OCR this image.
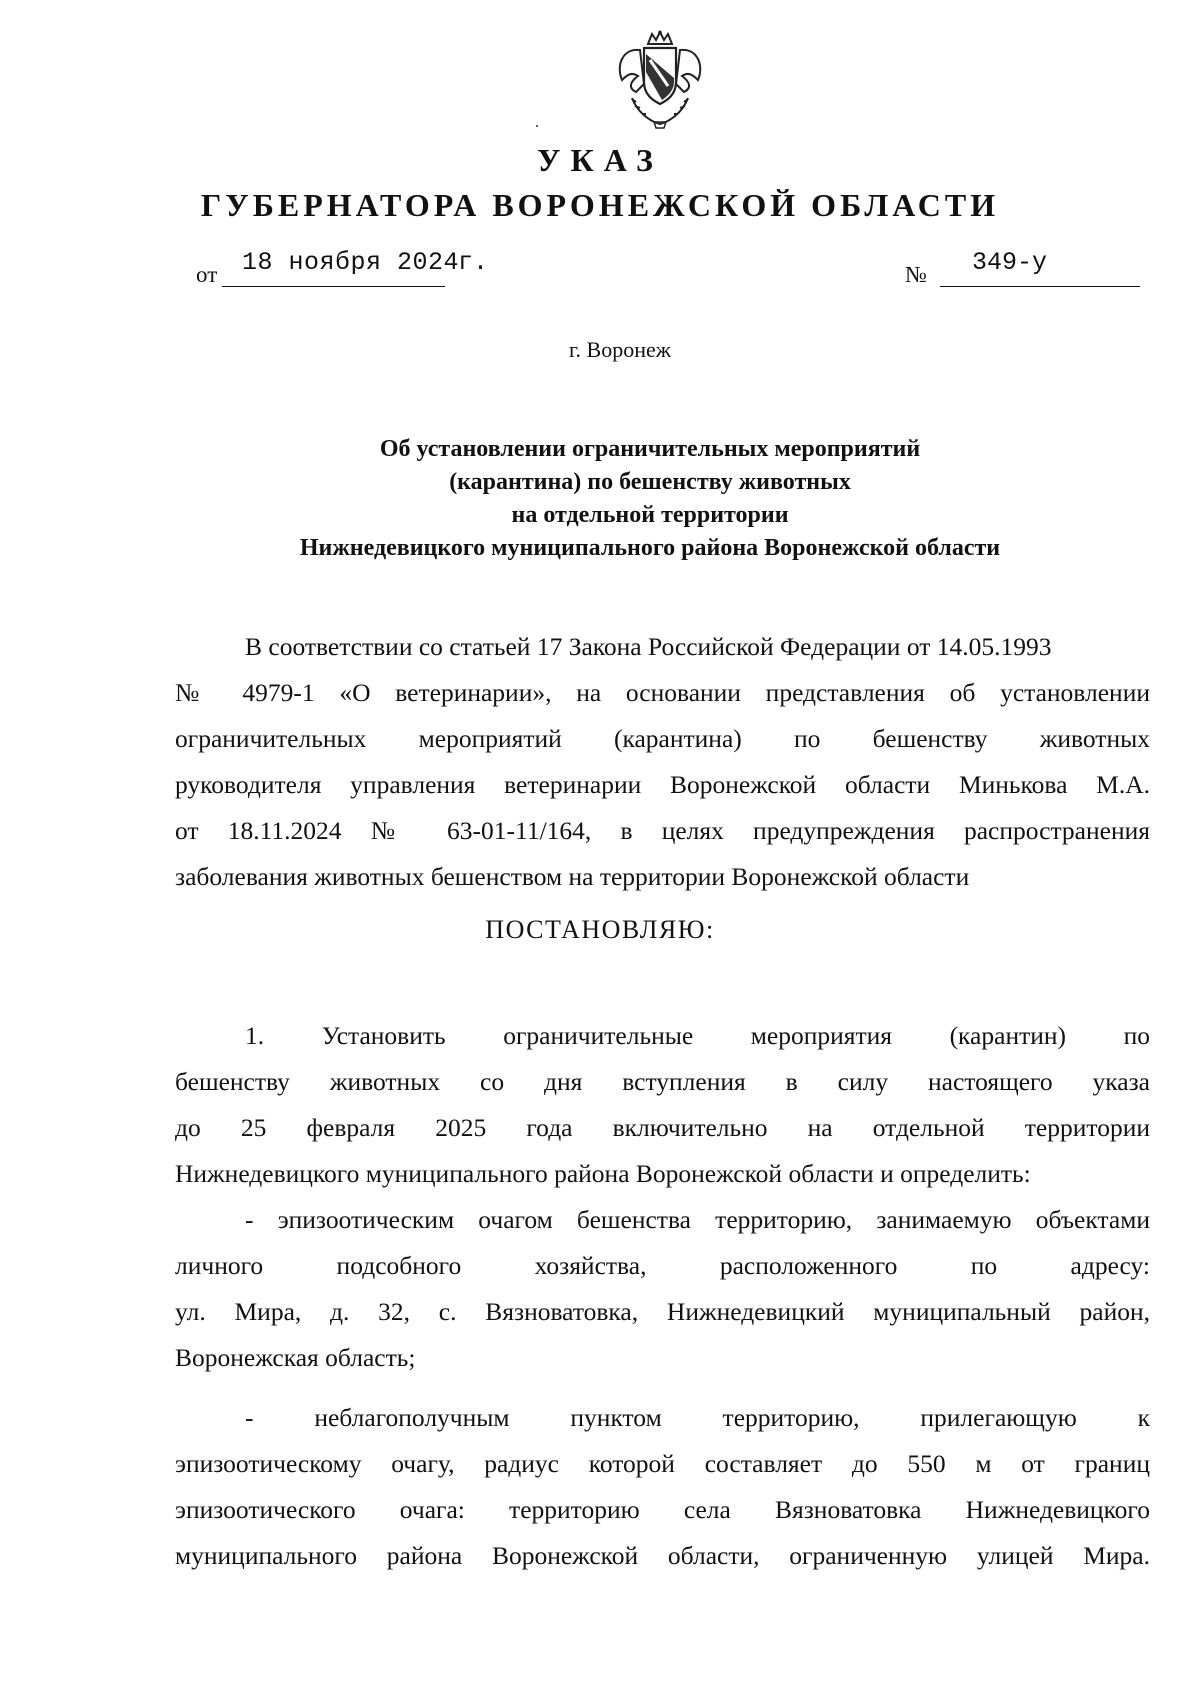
УКАЗ
ГУБЕРНАТОРА ВОРОНЕЖСКОЙ ОБЛАСТИ
от 18 ноября 2024
г.	№ 349-у
г. Воронеж
Об установлении ограничительных мероприятий
(карантина) по бешенству животных
на отдельной территории
Нижнедевицкого муниципального района Воронежской области
В соответствии со статьей 17 Закона Российской Федерации от 14.05.1993
№ 4979-1 «О ветеринарии», на основании представления об установлении
ограничительных мероприятий (карантина) по бешенству животных
руководителя управления ветеринарии Воронежской области Минькова М.А.
от 18.11.2024 № 63-01-11/164, в целях предупреждения распространения
заболевания животных бешенством на территории Воронежской области
ПОСТАНОВЛЯЮ:
1. Установить ограничительные мероприятия (карантин) по
бешенству животных со дня вступления в силу настоящего указа
до 25 февраля 2025 года включительно на отдельной территории
Нижнедевицкого муниципального района Воронежской области и определить:
- эпизоотическим очагом бешенства территорию, занимаемую объектами
личного подсобного хозяйства, расположенного по адресу:
ул. Мира, д. 32, с. Вязноватовка, Нижнедевицкий муниципальный район,
Воронежская область;
- неблагополучным пунктом территорию, прилегающую к
эпизоотическому очагу, радиус которой составляет до 550 м от границ
эпизоотического очага: территорию села Вязноватовка Нижнедевицкого
муниципального района Воронежской области, ограниченную улицей Мира.
